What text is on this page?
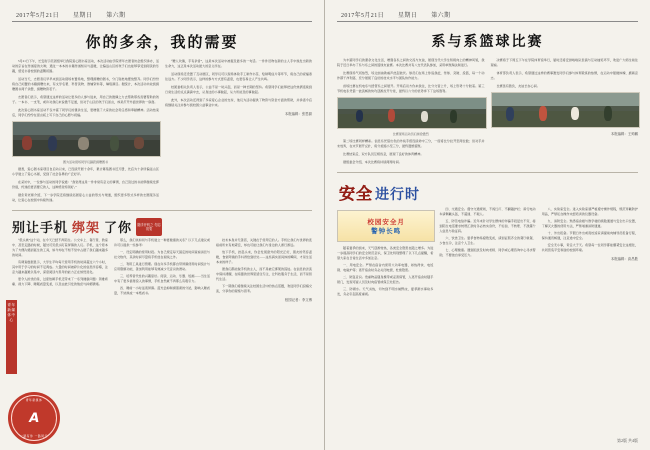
2017年5月21日 星期日 第六期
你的多余，我的需要

5月21日下午，长安街示范团组举行我院爱心图书室活动，本次活动由学院青年志愿者协会组织承办，活动的宗旨在传递爱的火种，通过一本本的书籍传递知识与温暖，让偏远山区的孩子们也能够享受到阅读的乐趣，感受书香校园的温馨氛围。

活动当天，志愿者们早早来到活动现场布置场地，整理捐赠的图书，分门别类地摆放整齐。同学们纷纷将自己闲置的书籍捐赠出来，有文学名著、科普读物、教辅资料等，琳琅满目。据统计，本次活动共收到捐赠图书两千余册，捐赠物资若干。

志愿者们表示，希望通过这样的活动让更多的人参与进来，用自己的微薄之力去帮助那些需要帮助的孩子。一本书、一支笔，或许对我们来说微不足道，但对于山区的孩子们而言，却是打开外面世界的一扇窗。

此次爱心图书室活动不仅丰富了同学们的课余生活，更增强了大家的社会责任感和奉献精神。活动结束后，同学们纷纷在留言板上写下自己的心愿与祝福。

图为活动现场同学们踊跃捐赠图书

据悉，爱心图书室项目自启动以来，已连续开展十余年，累计募集图书近万册，先后为十余所偏远山区小学建立了爱心书屋，受到了社会各界的广泛好评。

在采访中，一位参与活动的同学说道：“我觉得这是一件非常有意义的事情，自己读过的书能够继续发挥价值，传递给更需要它的人，这种感觉特别好。”

据负责老师介绍，下一步学院还将继续拓展爱心公益的形式与渠道，组织更多形式多样的志愿服务活动，让爱心在校园中持续传递。

“赠人玫瑰，手有余香”，这是本次活动中被提及最多的一句话。一件件旧物在新的主人手中焕发出新的生命力，这正是本次活动最大的意义所在。

活动现场还设置了互动展区，同学们可以现场体验手工制作书签、绘制明信片等环节，将自己的祝福寄往远方。不少同学表示，这样的参与方式更有温度，也更容易让人产生共鸣。

校团委相关负责人表示，公益不是一时兴起，而是一种长期的坚持。希望同学们能够把这份热情延续到日常生活的点点滴滴中去，从身边的小事做起，从力所能及的事做起。

此外，本次活动还得到了多家爱心企业的支持，他们为活动提供了物资与资金方面的帮助，并承诺今后将继续关注并参与到校园公益事业中来。

本报编辑：张思源
别让手机 绑架 了你	随手开机之 勿忘初衷

“低头族”这个词，在今天已经不再陌生。公交车上、餐厅里、教室中、甚至走路的时候，随处可见低头盯着屏幕的人们。手机，这个原本为了方便沟通而诞生的工具，如今却在不知不觉中占据了我们越来越多的时间。

有调查数据显示，大学生平均每天使用手机的时间超过六个小时，其中用于学习的时间不足两成。大量的时间被碎片化的信息所吞噬，注意力越来越难以集中，深度阅读与思考的能力正在悄然退化。

更令人担忧的是，过度依赖手机还带来了一系列健康问题：颈椎疼痛、视力下降、睡眠质量变差，以及由此引发的焦虑与抑郁情绪。

那么，我们该如何与手机建立一种更健康的关系？以下几点建议或许可以提供一些参考：

一、设定明确的使用时段。为自己规定每天固定的时间查看消息与社交软件，其余时间尽量将手机放在视线之外。

二、利用工具进行管理。现在许多手机都自带屏幕使用时间统计与应用限额功能，善加利用能够有效减少无意识的滑动。

三、培养替代性的兴趣爱好。阅读、运动、乐器、绘画——当生活中有了更多值得投入的事情，手机自然就不再那么有吸引力。

四、睡前一小时远离屏幕。蓝光会抑制褪黑素的分泌，影响入睡质量，不妨换成一本纸质书。

技术本身并无善恶，关键在于使用它的人。手机让我们与世界的连接前所未有地紧密，却也可能让我们与身边的人渐行渐远。

放下手机，抬起头来，你会发现窗外的阳光正好，朋友的笑容温暖，食堂阿姨的手抖得恰到好处——这些真实而具体的瞬间，才是生活本来的样子。

愿我们都能做手机的主人，而不是被它绑架的囚徒。在信息的洪流中保持清醒，在喧嚣的世界里留住专注，让科技服务于生活，而不是替代生活。

下一期我们将继续关注校园生活中的热点话题，欢迎同学们投稿交流，分享你的观察与思考。

校园记者：李文博
青年新媒体中心
青年新媒体
A
一路有你 一路同行
2017年5月21日 星期日 第六期
系与系篮球比赛

为丰富同学们的课余文化生活，增强各系之间的交流与友谊，展现当代大学生积极向上的精神风貌，我院于近日举办了系与系之间的篮球友谊赛。本次比赛共有八支代表队参加，采用单败淘汰制进行。

比赛现场气氛热烈，场边加油助威声此起彼伏。球员们在场上你追我赶，传球、突破、投篮，每一个动作都干净利落，充分展现了良好的技术水平与团队协作能力。

首场比赛在机电系与经管系之间展开。开场后双方你来我往，比分交替上升，场上形势十分胶着。第三节机电系凭借一波流畅的快攻逐渐拉开分差，最终以六分的优势拿下了这场胜利。

比赛现场运动员们拼抢激烈

第二场比赛同样精彩。信息系凭借出色的外线手感连续命中三分，一度将比分拉开至两位数；但对手并未放弃，在末节展开反扑，将分差缩小至三分，最终遗憾惜败。

比赛结束后，双方队员互相致意，展现了良好的体育精神。

据组委会介绍，本次比赛将持续两周时间。

决赛将于下周五下午在学院体育馆举行，届时还将安排啦啦队表演与互动抽奖环节，欢迎广大师生前往观看。

体育部负责人表示，希望通过这样的赛事激发同学们参与体育锻炼的热情，在运动中强健体魄、磨砺意志。

比赛虽有胜负，友谊长存心间。

本报编辑：王帅鹏
安全 进行时
校园安全月
警钟长鸣

随着夏季的到来，天气逐渐转热，各类安全隐患也随之增多。为进一步提高同学们的安全防范意识，保卫处特别整理了以下几点提醒，希望大家在日常生活中多加注意。

一、用电安全。严禁在宿舍内使用大功率电器，如热得快、电饭锅、电磁炉等；离开宿舍时务必关闭电源，杜绝隐患。

二、防盗意识。贵重物品随身携带或妥善保管，人离开宿舍时随手锁门，发现可疑人员及时向宿管或保卫处报告。

三、防溺水。天气炎热，切勿到不明水域野泳，夏季溺水事故多发，务必引起高度重视。

四、交通安全。遵守交通规则，不闯红灯、不翻越护栏；骑行电动车请佩戴头盔，不超速、不载人。

五、防范电信诈骗。近年来针对学生群体的诈骗手段层出不穷，接到陌生电话要求转账汇款时务必核实身份，不轻信、不转账、不泄露个人信息与验证码。

六、饮食卫生。夏季食物易腐败变质，请到证照齐全的餐厅就餐，少食生冷，注意个人卫生。

七、心理健康。遇到困扰及时向老师、同学或心理咨询中心寻求帮助，不要独自承受压力。

八、实验室安全。进入实验室须严格遵守操作规程，规范穿戴防护用品，严禁私自操作未经培训的仪器设备。

九、消防安全。熟悉宿舍楼与教学楼的疏散通道与安全出口位置，了解灭火器的使用方法，严禁堵塞消防通道。

十、外出报备。节假日外出或离校返家请提前向辅导员报备行程，保持通讯畅通，注意途中安全。

安全无小事，责任大于天。希望每一位同学都能绷紧安全这根弦，共同营造平安和谐的校园环境。

本报编辑：高昌胜
第2版 共4版
